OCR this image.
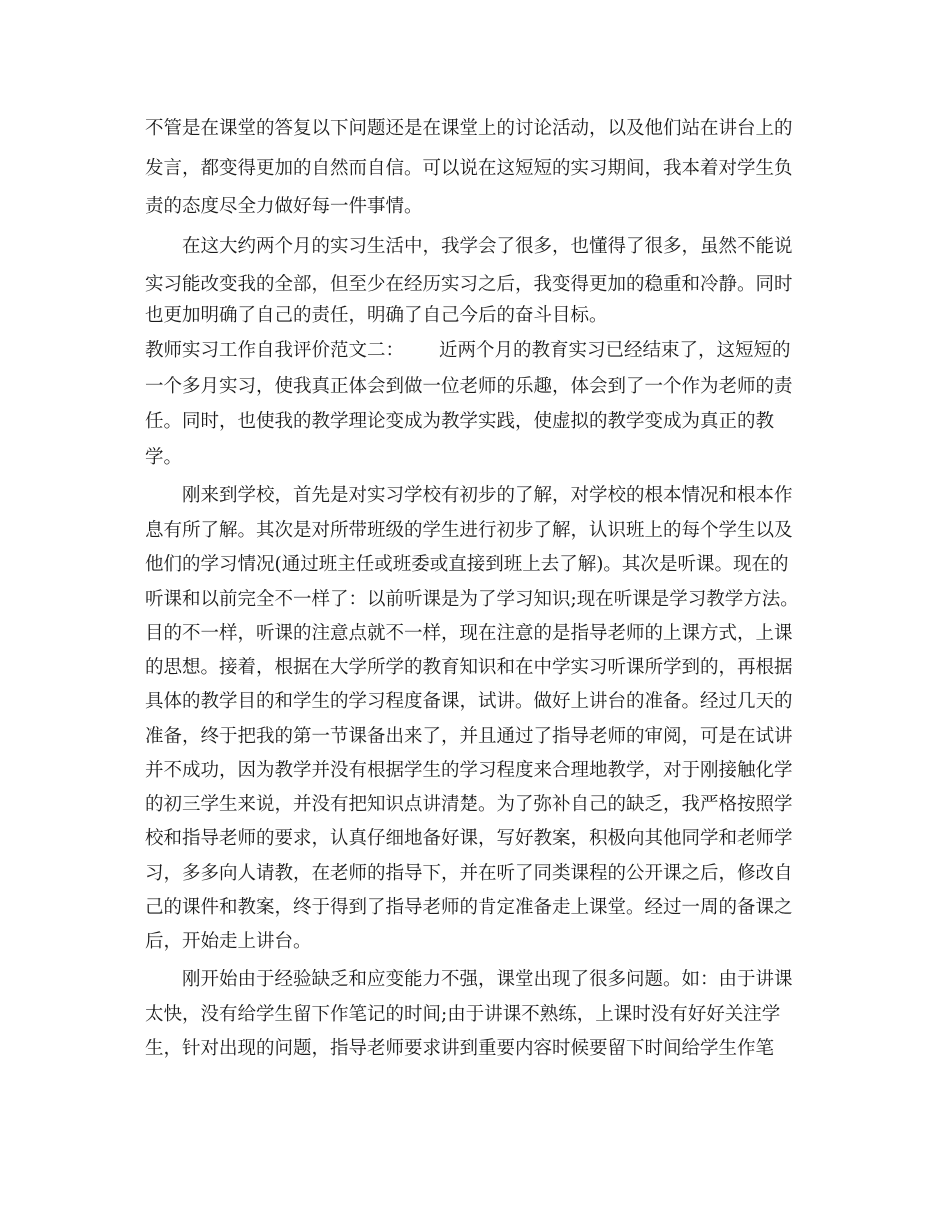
不管是在课堂的答复以下问题还是在课堂上的讨论活动，以及他们站在讲台上的
发言，都变得更加的自然而自信。可以说在这短短的实习期间，我本着对学生负
责的态度尽全力做好每一件事情。
在这大约两个月的实习生活中，我学会了很多，也懂得了很多，虽然不能说
实习能改变我的全部，但至少在经历实习之后，我变得更加的稳重和冷静。同时
也更加明确了自己的责任，明确了自己今后的奋斗目标。
教师实习工作自我评价范文二： 近两个月的教育实习已经结束了，这短短的
一个多月实习，使我真正体会到做一位老师的乐趣，体会到了一个作为老师的责
任。同时，也使我的教学理论变成为教学实践，使虚拟的教学变成为真正的教
学。
刚来到学校，首先是对实习学校有初步的了解，对学校的根本情况和根本作
息有所了解。其次是对所带班级的学生进行初步了解，认识班上的每个学生以及
他们的学习情况(通过班主任或班委或直接到班上去了解)。其次是听课。现在的
听课和以前完全不一样了：以前听课是为了学习知识;现在听课是学习教学方法。
目的不一样，听课的注意点就不一样，现在注意的是指导老师的上课方式，上课
的思想。接着，根据在大学所学的教育知识和在中学实习听课所学到的，再根据
具体的教学目的和学生的学习程度备课，试讲。做好上讲台的准备。经过几天的
准备，终于把我的第一节课备出来了，并且通过了指导老师的审阅，可是在试讲
并不成功，因为教学并没有根据学生的学习程度来合理地教学，对于刚接触化学
的初三学生来说，并没有把知识点讲清楚。为了弥补自己的缺乏，我严格按照学
校和指导老师的要求，认真仔细地备好课，写好教案，积极向其他同学和老师学
习，多多向人请教，在老师的指导下，并在听了同类课程的公开课之后，修改自
己的课件和教案，终于得到了指导老师的肯定准备走上课堂。经过一周的备课之
后，开始走上讲台。
刚开始由于经验缺乏和应变能力不强，课堂出现了很多问题。如：由于讲课
太快，没有给学生留下作笔记的时间;由于讲课不熟练，上课时没有好好关注学
生，针对出现的问题，指导老师要求讲到重要内容时候要留下时间给学生作笔
